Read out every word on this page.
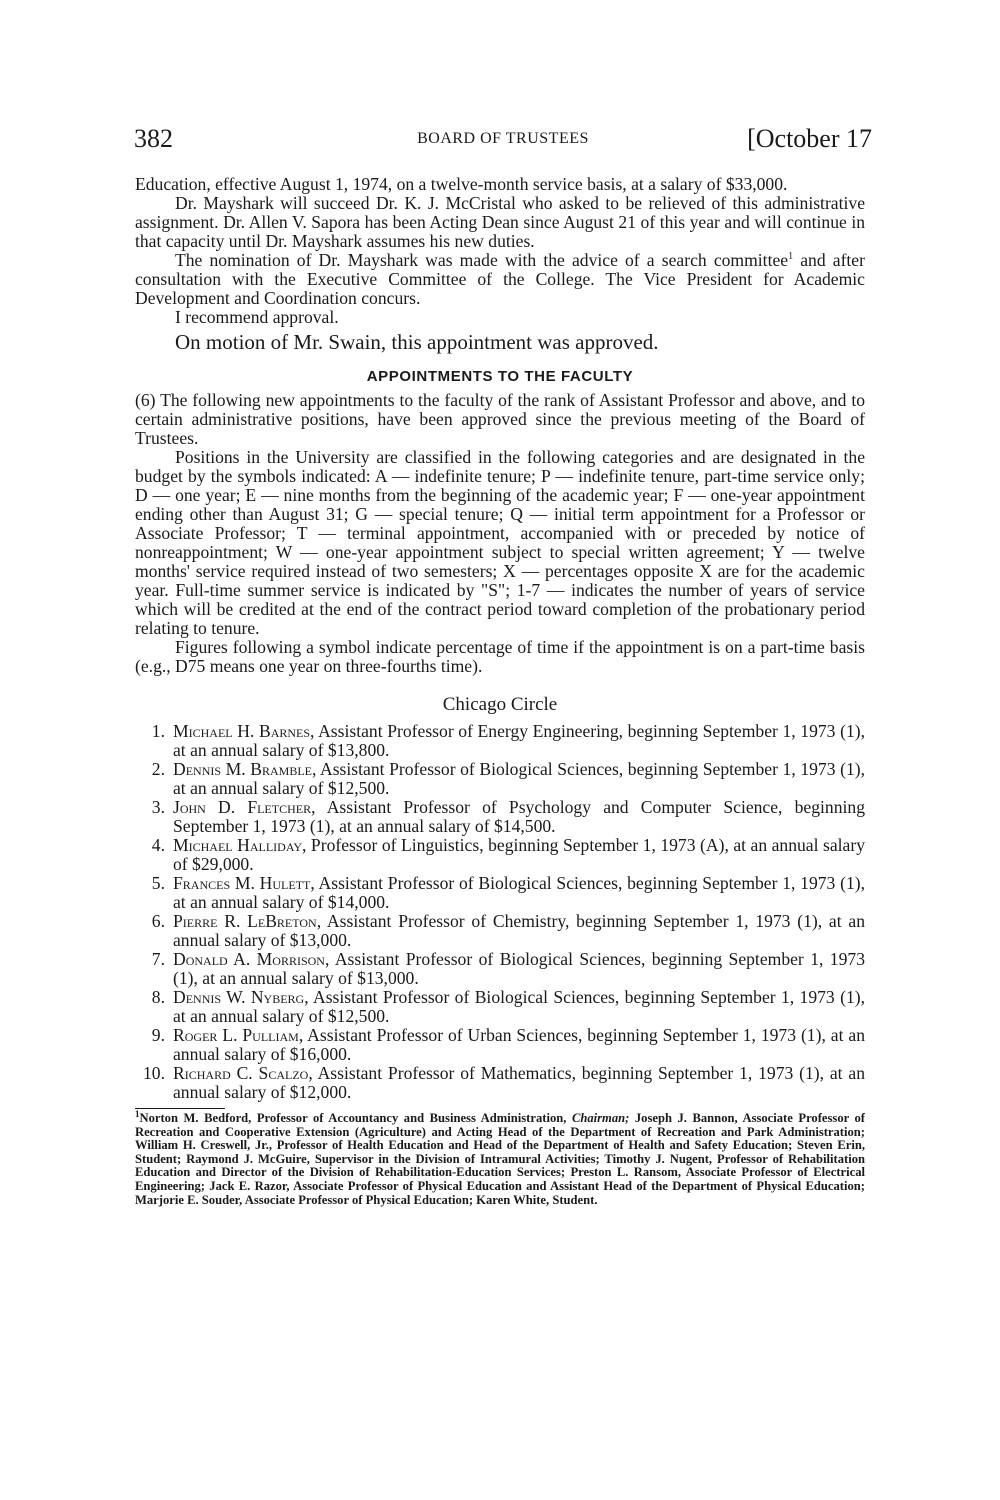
382	BOARD OF TRUSTEES	[October 17

Education, effective August 1, 1974, on a twelve-month service basis, at a salary of $33,000.

Dr. Mayshark will succeed Dr. K. J. McCristal who asked to be relieved of this administrative assignment. Dr. Allen V. Sapora has been Acting Dean since August 21 of this year and will continue in that capacity until Dr. Mayshark assumes his new duties.

The nomination of Dr. Mayshark was made with the advice of a search committee$^1$ and after consultation with the Executive Committee of the College. The Vice President for Academic Development and Coordination concurs.

I recommend approval.

On motion of Mr. Swain, this appointment was approved.

APPOINTMENTS TO THE FACULTY

(6) The following new appointments to the faculty of the rank of Assistant Professor and above, and to certain administrative positions, have been approved since the previous meeting of the Board of Trustees.

Positions in the University are classified in the following categories and are designated in the budget by the symbols indicated: A — indefinite tenure; P — indefinite tenure, part-time service only; D — one year; E — nine months from the beginning of the academic year; F — one-year appointment ending other than August 31; G — special tenure; Q — initial term appointment for a Professor or Associate Professor; T — terminal appointment, accompanied with or preceded by notice of nonreappointment; W — one-year appointment subject to special written agreement; Y — twelve months' service required instead of two semesters; X — percentages opposite X are for the academic year. Full-time summer service is indicated by "S"; 1-7 — indicates the number of years of service which will be credited at the end of the contract period toward completion of the probationary period relating to tenure.

Figures following a symbol indicate percentage of time if the appointment is on a part-time basis (e.g., D75 means one year on three-fourths time).

Chicago Circle
1. Michael H. Barnes, Assistant Professor of Energy Engineering, beginning September 1, 1973 (1), at an annual salary of $13,800.
2. Dennis M. Bramble, Assistant Professor of Biological Sciences, beginning September 1, 1973 (1), at an annual salary of $12,500.
3. John D. Fletcher, Assistant Professor of Psychology and Computer Science, beginning September 1, 1973 (1), at an annual salary of $14,500.
4. Michael Halliday, Professor of Linguistics, beginning September 1, 1973 (A), at an annual salary of $29,000.
5. Frances M. Hulett, Assistant Professor of Biological Sciences, beginning September 1, 1973 (1), at an annual salary of $14,000.
6. Pierre R. LeBreton, Assistant Professor of Chemistry, beginning September 1, 1973 (1), at an annual salary of $13,000.
7. Donald A. Morrison, Assistant Professor of Biological Sciences, beginning September 1, 1973 (1), at an annual salary of $13,000.
8. Dennis W. Nyberg, Assistant Professor of Biological Sciences, beginning September 1, 1973 (1), at an annual salary of $12,500.
9. Roger L. Pulliam, Assistant Professor of Urban Sciences, beginning September 1, 1973 (1), at an annual salary of $16,000.
10. Richard C. Scalzo, Assistant Professor of Mathematics, beginning September 1, 1973 (1), at an annual salary of $12,000.

$^1$Norton M. Bedford, Professor of Accountancy and Business Administration, Chairman; Joseph J. Bannon, Associate Professor of Recreation and Cooperative Extension (Agriculture) and Acting Head of the Department of Recreation and Park Administration; William H. Creswell, Jr., Professor of Health Education and Head of the Department of Health and Safety Education; Steven Erin, Student; Raymond J. McGuire, Supervisor in the Division of Intramural Activities; Timothy J. Nugent, Professor of Rehabilitation Education and Director of the Division of Rehabilitation-Education Services; Preston L. Ransom, Associate Professor of Electrical Engineering; Jack E. Razor, Associate Professor of Physical Education and Assistant Head of the Department of Physical Education; Marjorie E. Souder, Associate Professor of Physical Education; Karen White, Student.
